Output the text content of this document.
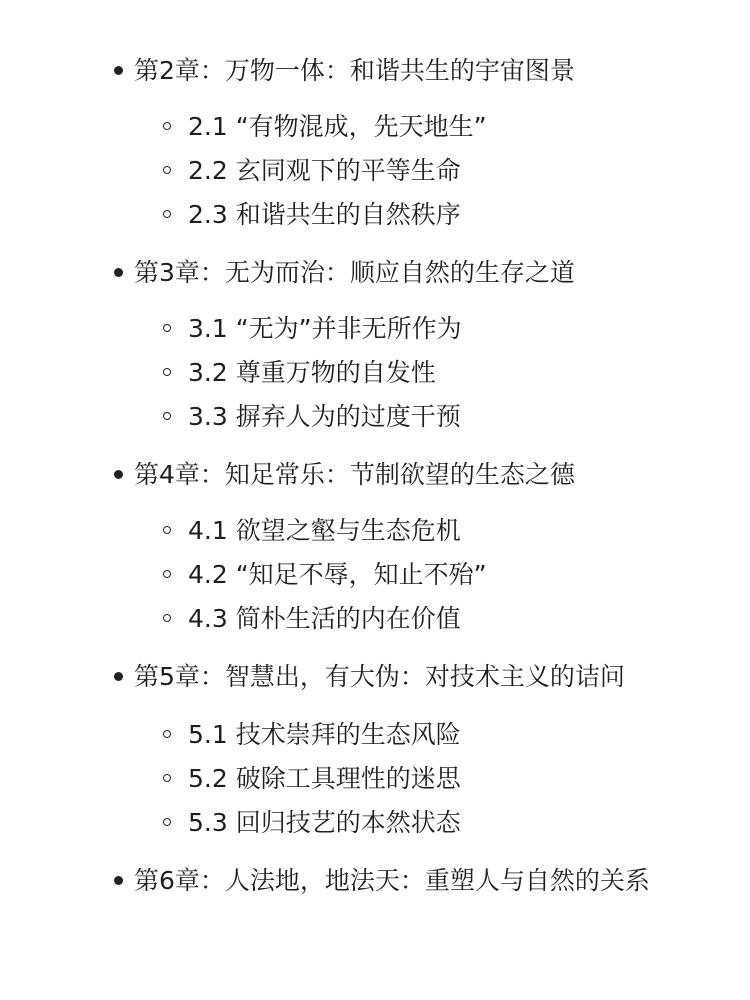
第2章：万物一体：和谐共生的宇宙图景
2.1 “有物混成，先天地生”
2.2 玄同观下的平等生命
2.3 和谐共生的自然秩序
第3章：无为而治：顺应自然的生存之道
3.1 “无为”并非无所作为
3.2 尊重万物的自发性
3.3 摒弃人为的过度干预
第4章：知足常乐：节制欲望的生态之德
4.1 欲望之壑与生态危机
4.2 “知足不辱，知止不殆”
4.3 简朴生活的内在价值
第5章：智慧出，有大伪：对技术主义的诘问
5.1 技术崇拜的生态风险
5.2 破除工具理性的迷思
5.3 回归技艺的本然状态
第6章：人法地，地法天：重塑人与自然的关系
